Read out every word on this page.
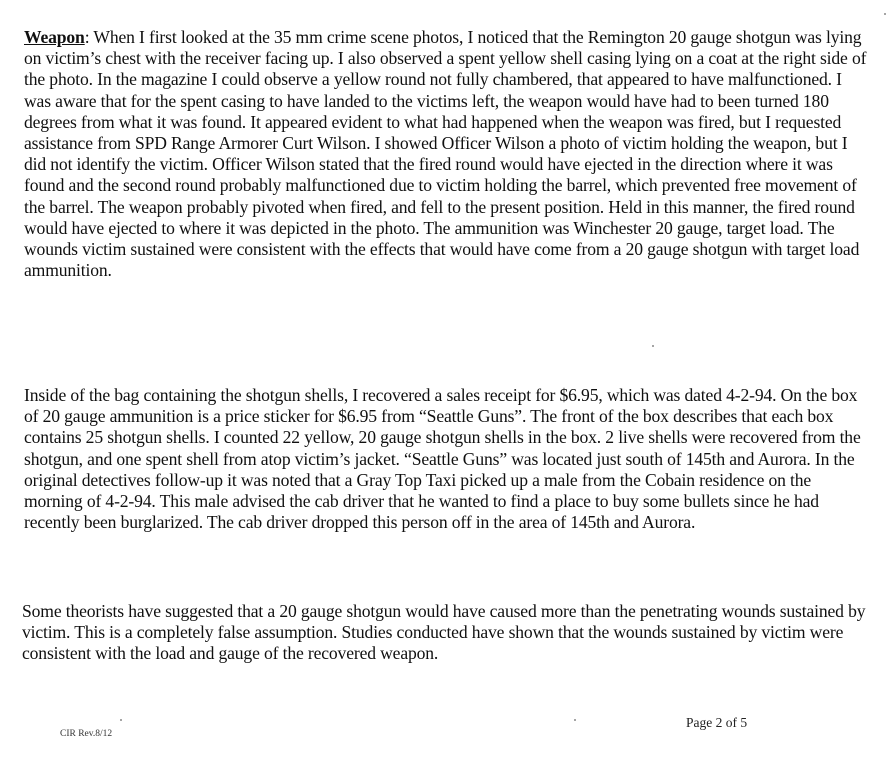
Weapon: When I first looked at the 35 mm crime scene photos, I noticed that the Remington 20 gauge shotgun was lying on victim’s chest with the receiver facing up. I also observed a spent yellow shell casing lying on a coat at the right side of the photo. In the magazine I could observe a yellow round not fully chambered, that appeared to have malfunctioned. I was aware that for the spent casing to have landed to the victims left, the weapon would have had to been turned 180 degrees from what it was found. It appeared evident to what had happened when the weapon was fired, but I requested assistance from SPD Range Armorer Curt Wilson. I showed Officer Wilson a photo of victim holding the weapon, but I did not identify the victim. Officer Wilson stated that the fired round would have ejected in the direction where it was found and the second round probably malfunctioned due to victim holding the barrel, which prevented free movement of the barrel. The weapon probably pivoted when fired, and fell to the present position. Held in this manner, the fired round would have ejected to where it was depicted in the photo. The ammunition was Winchester 20 gauge, target load. The wounds victim sustained were consistent with the effects that would have come from a 20 gauge shotgun with target load ammunition.

Inside of the bag containing the shotgun shells, I recovered a sales receipt for $6.95, which was dated 4-2-94. On the box of 20 gauge ammunition is a price sticker for $6.95 from “Seattle Guns”. The front of the box describes that each box contains 25 shotgun shells. I counted 22 yellow, 20 gauge shotgun shells in the box. 2 live shells were recovered from the shotgun, and one spent shell from atop victim’s jacket. “Seattle Guns” was located just south of 145th and Aurora. In the original detectives follow-up it was noted that a Gray Top Taxi picked up a male from the Cobain residence on the morning of 4-2-94. This male advised the cab driver that he wanted to find a place to buy some bullets since he had recently been burglarized. The cab driver dropped this person off in the area of 145th and Aurora.

Some theorists have suggested that a 20 gauge shotgun would have caused more than the penetrating wounds sustained by victim. This is a completely false assumption. Studies conducted have shown that the wounds sustained by victim were consistent with the load and gauge of the recovered weapon.

CIR Rev.8/12
Page 2 of 5
